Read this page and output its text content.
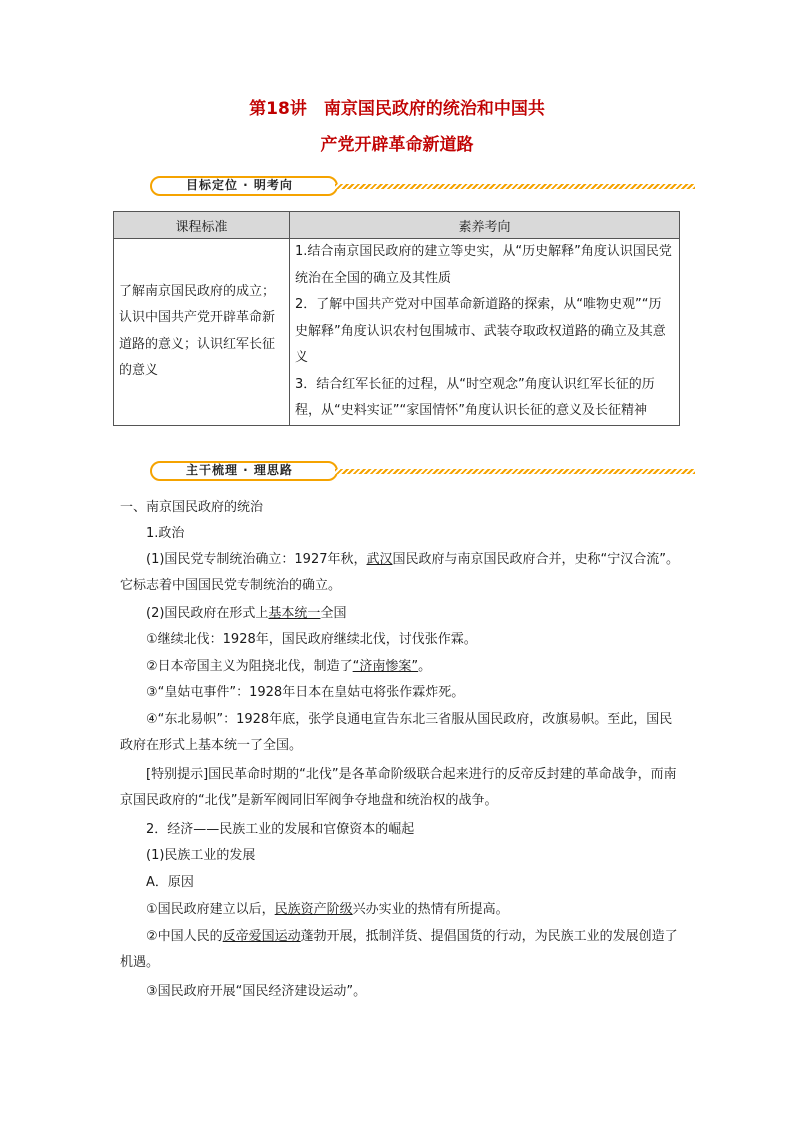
第18讲　南京国民政府的统治和中国共
产党开辟革命新道路
目标定位 · 明考向
课程标准	素养考向
了解南京国民政府的成立；认识中国共产党开辟革命新道路的意义；认识红军长征的意义	1.结合南京国民政府的建立等史实，从“历史解释”角度认识国民党统治在全国的确立及其性质
2．了解中国共产党对中国革命新道路的探索，从“唯物史观”“历史解释”角度认识农村包围城市、武装夺取政权道路的确立及其意义
3．结合红军长征的过程，从“时空观念”角度认识红军长征的历程，从“史料实证”“家国情怀”角度认识长征的意义及长征精神
主干梳理 · 理思路
一、南京国民政府的统治
1.政治
(1)国民党专制统治确立：1927年秋，武汉国民政府与南京国民政府合并，史称“宁汉合流”。它标志着中国国民党专制统治的确立。
(2)国民政府在形式上基本统一全国
①继续北伐：1928年，国民政府继续北伐，讨伐张作霖。
②日本帝国主义为阻挠北伐，制造了“济南惨案”。
③“皇姑屯事件”：1928年日本在皇姑屯将张作霖炸死。
④“东北易帜”：1928年底，张学良通电宣告东北三省服从国民政府，改旗易帜。至此，国民政府在形式上基本统一了全国。
[特别提示]国民革命时期的“北伐”是各革命阶级联合起来进行的反帝反封建的革命战争，而南京国民政府的“北伐”是新军阀同旧军阀争夺地盘和统治权的战争。
2．经济——民族工业的发展和官僚资本的崛起
(1)民族工业的发展
A．原因
①国民政府建立以后，民族资产阶级兴办实业的热情有所提高。
②中国人民的反帝爱国运动蓬勃开展，抵制洋货、提倡国货的行动，为民族工业的发展创造了机遇。
③国民政府开展“国民经济建设运动”。
